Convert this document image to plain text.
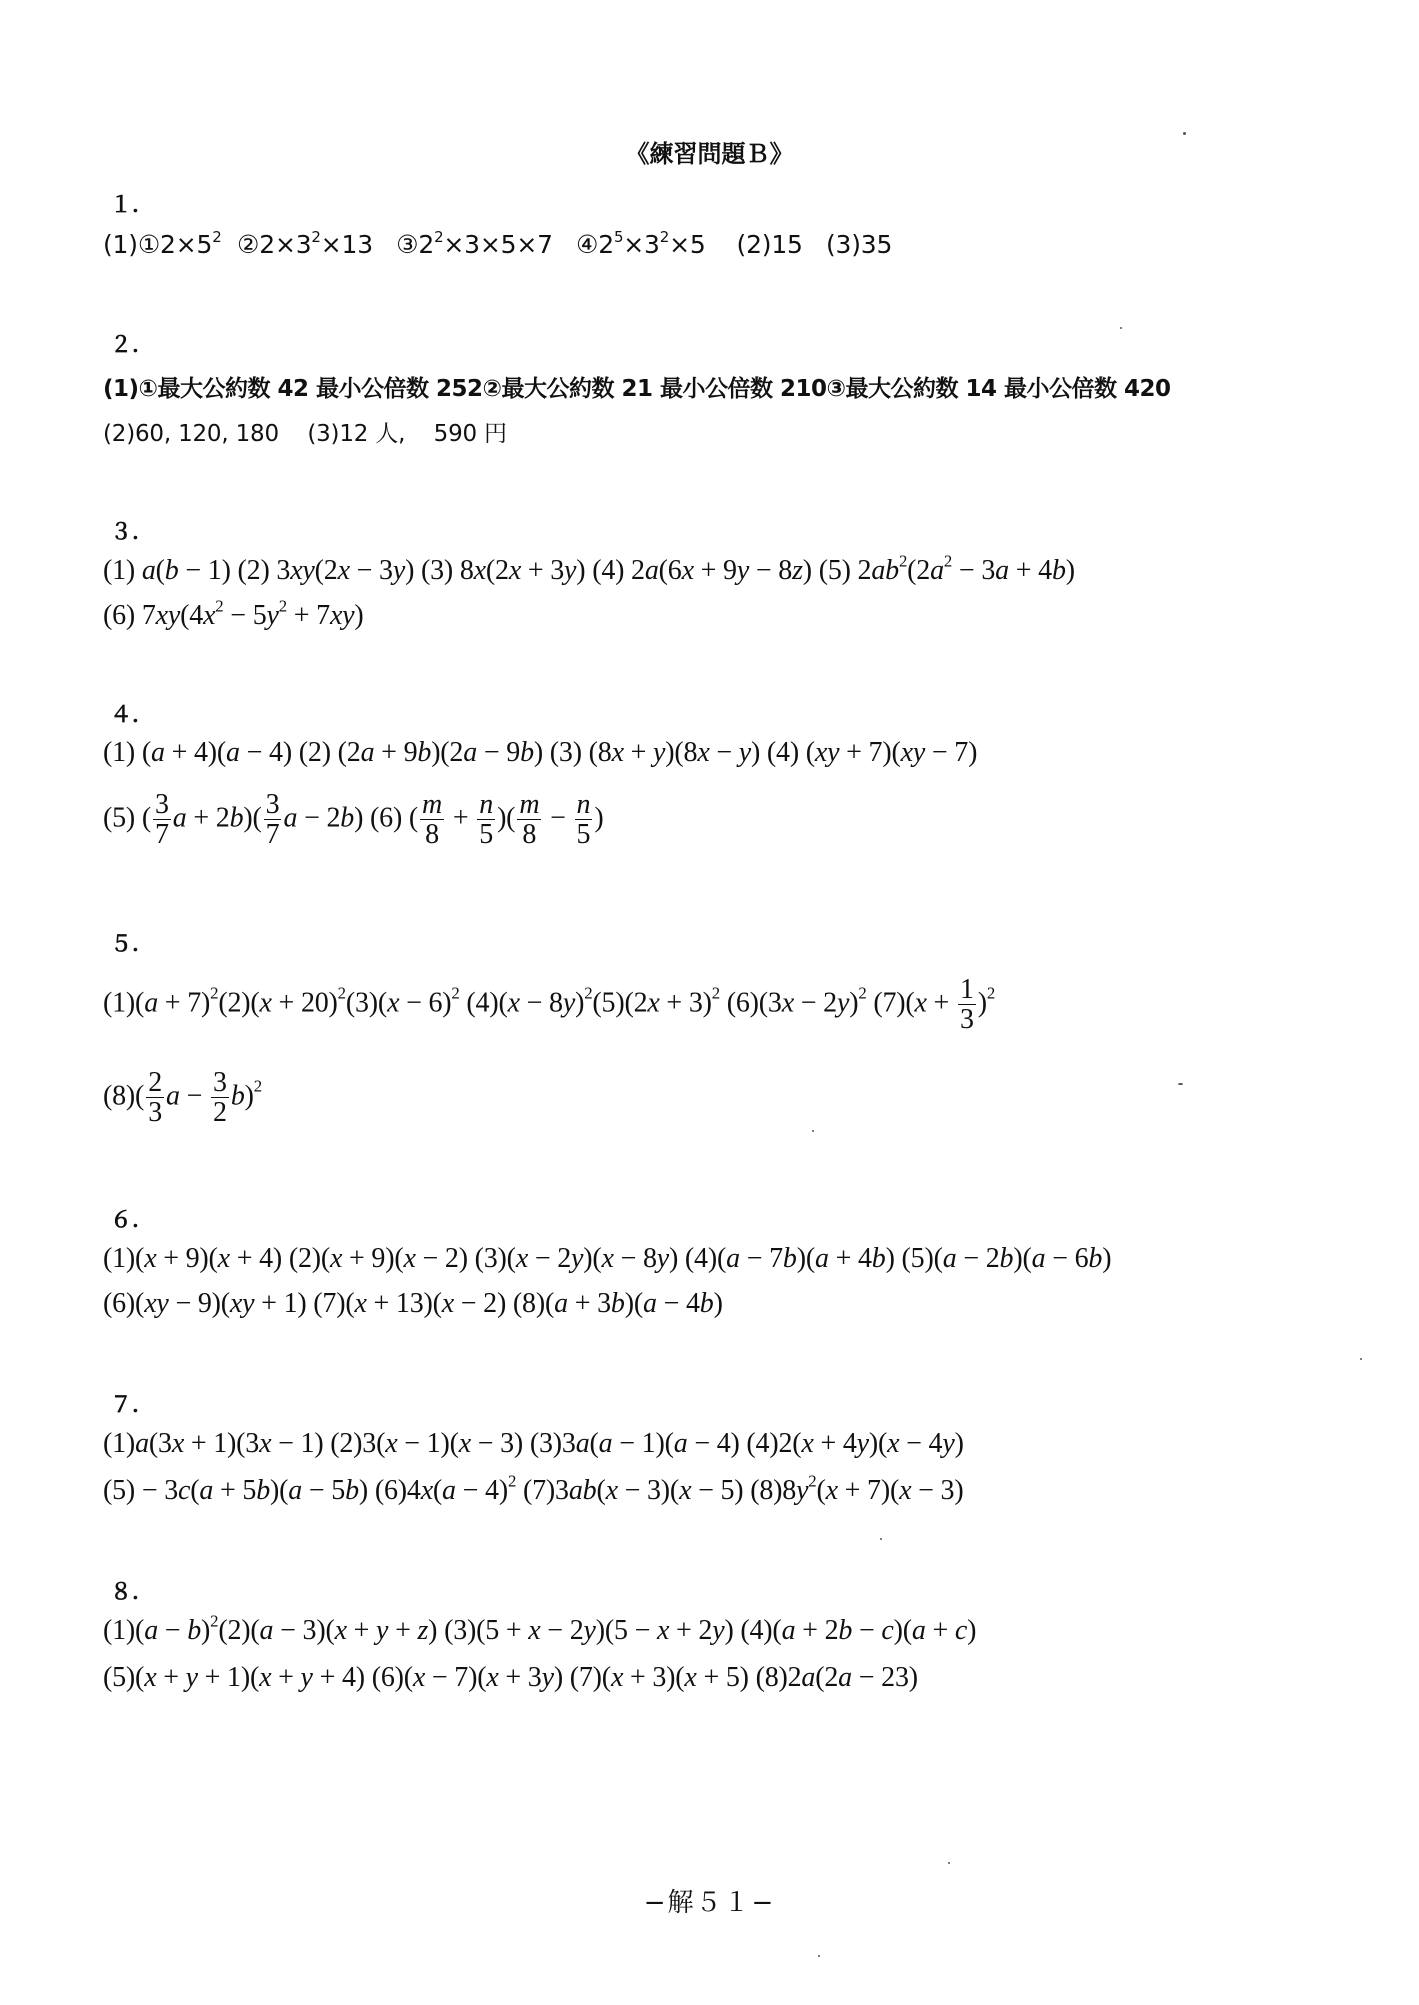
《練習問題Ｂ》
１．
$(1)①2\times 5^2$  $②2\times 3^2\times 13$   $③2^2\times 3\times 5\times 7$   $④2^5\times 3^2\times 5$    (2)15   (3)35
２．
(1)①最大公約数 42 最小公倍数 252②最大公約数 21 最小公倍数 210③最大公約数 14 最小公倍数 420
(2)60, 120, 180    (3)12 人,    590 円
３．
(1) a(b − 1) (2) 3xy(2x − 3y) (3) 8x(2x + 3y) (4) 2a(6x + 9y − 8z) (5) $2ab^2(2a^2 - 3a + 4b)$
(6) $7xy(4x^2 - 5y^2 + 7xy)$
４．
(1) (a + 4)(a − 4) (2) (2a + 9b)(2a − 9b) (3) (8x + y)(8x − y) (4) (xy + 7)(xy − 7)
(5) ( $\frac{3}{7}$ $a + 2b)( \frac{3}{7}$ a − 2b) (6) ( $\frac{m}{8} + \frac{n}{5}$ )( $\frac{m}{8} - \frac{n}{5}$ )
５．
$(1)(a + 7)^2(2)(x + 20)^2(3)(x - 6)^2$ $(4)(x - 8y)^2(5)(2x + 3)^2$ $(6)(3x - 2y)^2$ $(7)(x + \frac{1}{3} )^2$
$(8)( \frac{2}{3}$ $a - \frac{3}{2} b)^2$
６．
(1)(x + 9)(x + 4) (2)(x + 9)(x − 2) (3)(x − 2y)(x − 8y) (4)(a − 7b)(a + 4b) (5)(a − 2b)(a − 6b)
(6)(xy − 9)(xy + 1) (7)(x + 13)(x − 2) (8)(a + 3b)(a − 4b)
７．
(1)a(3x + 1)(3x − 1) (2)3(x − 1)(x − 3) (3)3a(a − 1)(a − 4) (4)2(x + 4y)(x − 4y)
(5) − 3c(a + 5b)(a − 5b) $(6)4x(a - 4)^2$ (7)3ab(x − 3)(x − 5) $(8)8y^2(x + 7)(x - 3)$
８．
$(1)(a - b)^2(2)(a - 3)(x + y + z)$ (3)(5 + x − 2y)(5 − x + 2y) (4)(a + 2b − c)(a + c)
(5)(x + y + 1)(x + y + 4) (6)(x − 7)(x + 3y) (7)(x + 3)(x + 5) (8)2a(2a − 23)
−解５１−
